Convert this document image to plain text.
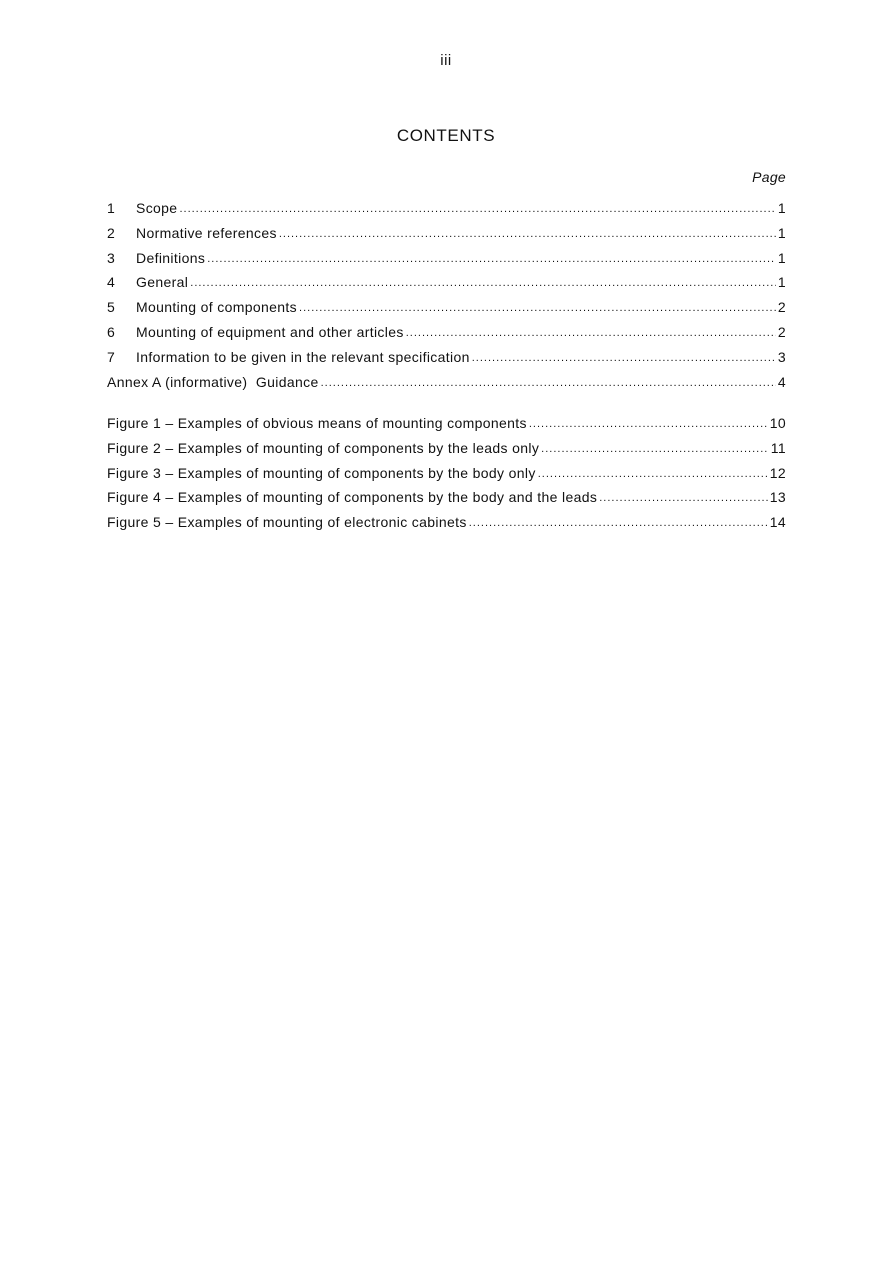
iii
CONTENTS
Page
1	Scope .....	1
2	Normative references .....	1
3	Definitions .....	1
4	General .....	1
5	Mounting of components .....	2
6	Mounting of equipment and other articles .....	2
7	Information to be given in the relevant specification .....	3
Annex A (informative)  Guidance .....	4
Figure 1 – Examples of obvious means of mounting components .....	10
Figure 2 – Examples of mounting of components by the leads only .....	11
Figure 3 – Examples of mounting of components by the body only .....	12
Figure 4 – Examples of mounting of components by the body and the leads .....	13
Figure 5 – Examples of mounting of electronic cabinets .....	14
